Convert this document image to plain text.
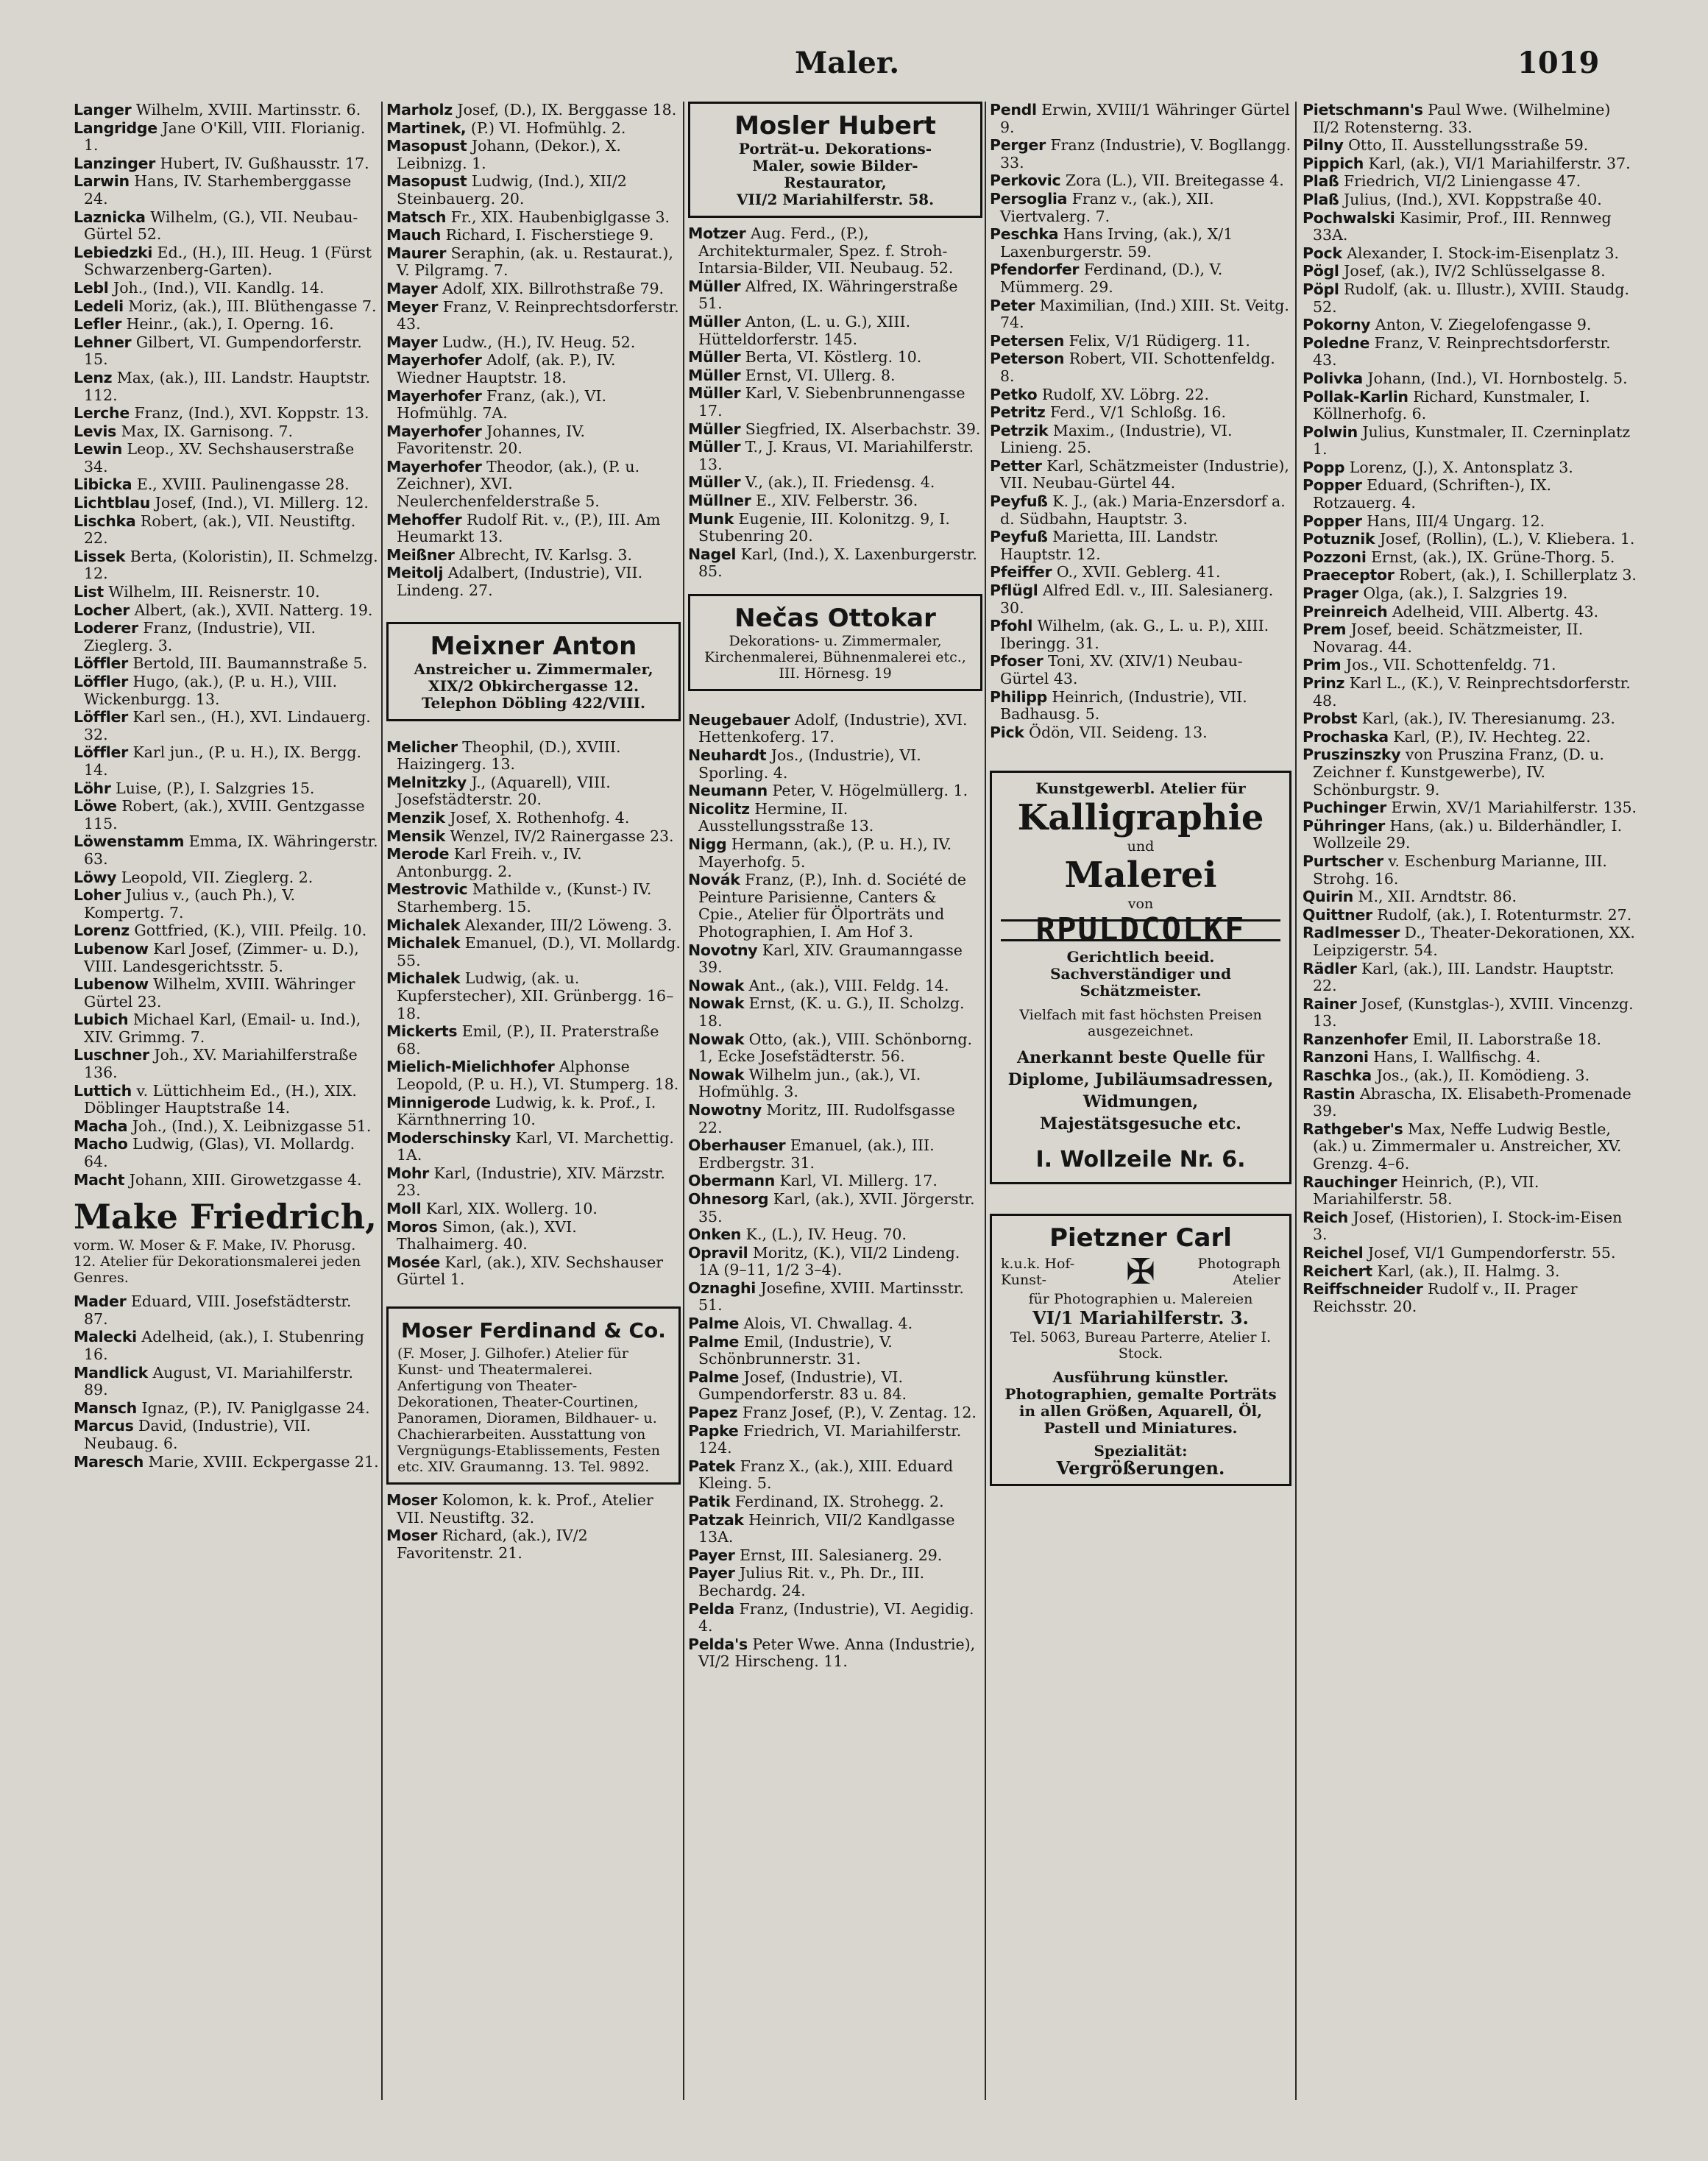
Maler.	1019
Langer Wilhelm, XVIII. Martinsstr. 6.
Langridge Jane O'Kill, VIII. Florianig. 1.
Lanzinger Hubert, IV. Gußhausstr. 17.
Larwin Hans, IV. Starhemberggasse 24.
Laznicka Wilhelm, (G.), VII. Neubau-Gürtel 52.
Lebiedzki Ed., (H.), III. Heug. 1 (Fürst Schwarzenberg-Garten).
Lebl Joh., (Ind.), VII. Kandlg. 14.
Ledeli Moriz, (ak.), III. Blüthengasse 7.
Lefler Heinr., (ak.), I. Operng. 16.
Lehner Gilbert, VI. Gumpendorferstr. 15.
Lenz Max, (ak.), III. Landstr. Hauptstr. 112.
Lerche Franz, (Ind.), XVI. Koppstr. 13.
Levis Max, IX. Garnisong. 7.
Lewin Leop., XV. Sechshauserstraße 34.
Libicka E., XVIII. Paulinengasse 28.
Lichtblau Josef, (Ind.), VI. Millerg. 12.
Lischka Robert, (ak.), VII. Neustiftg. 22.
Lissek Berta, (Koloristin), II. Schmelzg. 12.
List Wilhelm, III. Reisnerstr. 10.
Locher Albert, (ak.), XVII. Natterg. 19.
Loderer Franz, (Industrie), VII. Zieglerg. 3.
Löffler Bertold, III. Baumannstraße 5.
Löffler Hugo, (ak.), (P. u. H.), VIII. Wickenburgg. 13.
Löffler Karl sen., (H.), XVI. Lindauerg. 32.
Löffler Karl jun., (P. u. H.), IX. Bergg. 14.
Löhr Luise, (P.), I. Salzgries 15.
Löwe Robert, (ak.), XVIII. Gentzgasse 115.
Löwenstamm Emma, IX. Währingerstr. 63.
Löwy Leopold, VII. Zieglerg. 2.
Loher Julius v., (auch Ph.), V. Kompertg. 7.
Lorenz Gottfried, (K.), VIII. Pfeilg. 10.
Lubenow Karl Josef, (Zimmer- u. D.), VIII. Landesgerichtsstr. 5.
Lubenow Wilhelm, XVIII. Währinger Gürtel 23.
Lubich Michael Karl, (Email- u. Ind.), XIV. Grimmg. 7.
Luschner Joh., XV. Mariahilferstraße 136.
Luttich v. Lüttichheim Ed., (H.), XIX. Döblinger Hauptstraße 14.
Macha Joh., (Ind.), X. Leibnizgasse 51.
Macho Ludwig, (Glas), VI. Mollardg. 64.
Macht Johann, XIII. Girowetzgasse 4.
Make Friedrich,
vorm. W. Moser & F. Make, IV. Phorusg. 12. Atelier für Dekorationsmalerei jeden Genres.
Mader Eduard, VIII. Josefstädterstr. 87.
Malecki Adelheid, (ak.), I. Stubenring 16.
Mandlick August, VI. Mariahilferstr. 89.
Mansch Ignaz, (P.), IV. Paniglgasse 24.
Marcus David, (Industrie), VII. Neubaug. 6.
Maresch Marie, XVIII. Eckpergasse 21.
Marholz Josef, (D.), IX. Berggasse 18.
Martinek, (P.) VI. Hofmühlg. 2.
Masopust Johann, (Dekor.), X. Leibnizg. 1.
Masopust Ludwig, (Ind.), XII/2 Steinbauerg. 20.
Matsch Fr., XIX. Haubenbiglgasse 3.
Mauch Richard, I. Fischerstiege 9.
Maurer Seraphin, (ak. u. Restaurat.), V. Pilgramg. 7.
Mayer Adolf, XIX. Billrothstraße 79.
Meyer Franz, V. Reinprechtsdorferstr. 43.
Mayer Ludw., (H.), IV. Heug. 52.
Mayerhofer Adolf, (ak. P.), IV. Wiedner Hauptstr. 18.
Mayerhofer Franz, (ak.), VI. Hofmühlg. 7A.
Mayerhofer Johannes, IV. Favoritenstr. 20.
Mayerhofer Theodor, (ak.), (P. u. Zeichner), XVI. Neulerchenfelderstraße 5.
Mehoffer Rudolf Rit. v., (P.), III. Am Heumarkt 13.
Meißner Albrecht, IV. Karlsg. 3.
Meitolj Adalbert, (Industrie), VII. Lindeng. 27.
Meixner Anton
Anstreicher u. Zimmermaler, XIX/2 Obkirchergasse 12. Telephon Döbling 422/VIII.
Melicher Theophil, (D.), XVIII. Haizingerg. 13.
Melnitzky J., (Aquarell), VIII. Josefstädterstr. 20.
Menzik Josef, X. Rothenhofg. 4.
Mensik Wenzel, IV/2 Rainergasse 23.
Merode Karl Freih. v., IV. Antonburgg. 2.
Mestrovic Mathilde v., (Kunst-) IV. Starhemberg. 15.
Michalek Alexander, III/2 Löweng. 3.
Michalek Emanuel, (D.), VI. Mollardg. 55.
Michalek Ludwig, (ak. u. Kupferstecher), XII. Grünbergg. 16–18.
Mickerts Emil, (P.), II. Praterstraße 68.
Mielich-Mielichhofer Alphonse Leopold, (P. u. H.), VI. Stumperg. 18.
Minnigerode Ludwig, k. k. Prof., I. Kärnthnerring 10.
Moderschinsky Karl, VI. Marchettig. 1A.
Mohr Karl, (Industrie), XIV. Märzstr. 23.
Moll Karl, XIX. Wollerg. 10.
Moros Simon, (ak.), XVI. Thalhaimerg. 40.
Mosée Karl, (ak.), XIV. Sechshauser Gürtel 1.
Moser Ferdinand & Co.
(F. Moser, J. Gilhofer.) Atelier für Kunst- und Theatermalerei. Anfertigung von Theater-Dekorationen, Theater-Courtinen, Panoramen, Dioramen, Bildhauer- u. Chachierarbeiten. Ausstattung von Vergnügungs-Etablissements, Festen etc. XIV. Graumanng. 13. Tel. 9892.
Moser Kolomon, k. k. Prof., Atelier VII. Neustiftg. 32.
Moser Richard, (ak.), IV/2 Favoritenstr. 21.
Mosler Hubert
Porträt-u. Dekorations-
Maler, sowie Bilder-
Restaurator,
VII/2 Mariahilferstr. 58.
Motzer Aug. Ferd., (P.), Architekturmaler, Spez. f. Stroh-Intarsia-Bilder, VII. Neubaug. 52.
Müller Alfred, IX. Währingerstraße 51.
Müller Anton, (L. u. G.), XIII. Hütteldorferstr. 145.
Müller Berta, VI. Köstlerg. 10.
Müller Ernst, VI. Ullerg. 8.
Müller Karl, V. Siebenbrunnengasse 17.
Müller Siegfried, IX. Alserbachstr. 39.
Müller T., J. Kraus, VI. Mariahilferstr. 13.
Müller V., (ak.), II. Friedensg. 4.
Müllner E., XIV. Felberstr. 36.
Munk Eugenie, III. Kolonitzg. 9, I. Stubenring 20.
Nagel Karl, (Ind.), X. Laxenburgerstr. 85.
Nečas Ottokar
Dekorations- u. Zimmermaler, Kirchenmalerei, Bühnenmalerei etc., III. Hörnesg. 19
Neugebauer Adolf, (Industrie), XVI. Hettenkoferg. 17.
Neuhardt Jos., (Industrie), VI. Sporling. 4.
Neumann Peter, V. Högelmüllerg. 1.
Nicolitz Hermine, II. Ausstellungsstraße 13.
Nigg Hermann, (ak.), (P. u. H.), IV. Mayerhofg. 5.
Novák Franz, (P.), Inh. d. Société de Peinture Parisienne, Canters & Cpie., Atelier für Ölporträts und Photographien, I. Am Hof 3.
Novotny Karl, XIV. Graumanngasse 39.
Nowak Ant., (ak.), VIII. Feldg. 14.
Nowak Ernst, (K. u. G.), II. Scholzg. 18.
Nowak Otto, (ak.), VIII. Schönborng. 1, Ecke Josefstädterstr. 56.
Nowak Wilhelm jun., (ak.), VI. Hofmühlg. 3.
Nowotny Moritz, III. Rudolfsgasse 22.
Oberhauser Emanuel, (ak.), III. Erdbergstr. 31.
Obermann Karl, VI. Millerg. 17.
Ohnesorg Karl, (ak.), XVII. Jörgerstr. 35.
Onken K., (L.), IV. Heug. 70.
Opravil Moritz, (K.), VII/2 Lindeng. 1A (9–11, 1/2 3–4).
Oznaghi Josefine, XVIII. Martinsstr. 51.
Palme Alois, VI. Chwallag. 4.
Palme Emil, (Industrie), V. Schönbrunnerstr. 31.
Palme Josef, (Industrie), VI. Gumpendorferstr. 83 u. 84.
Papez Franz Josef, (P.), V. Zentag. 12.
Papke Friedrich, VI. Mariahilferstr. 124.
Patek Franz X., (ak.), XIII. Eduard Kleing. 5.
Patik Ferdinand, IX. Strohegg. 2.
Patzak Heinrich, VII/2 Kandlgasse 13A.
Payer Ernst, III. Salesianerg. 29.
Payer Julius Rit. v., Ph. Dr., III. Bechardg. 24.
Pelda Franz, (Industrie), VI. Aegidig. 4.
Pelda's Peter Wwe. Anna (Industrie), VI/2 Hirscheng. 11.
Pendl Erwin, XVIII/1 Währinger Gürtel 9.
Perger Franz (Industrie), V. Bogllangg. 33.
Perkovic Zora (L.), VII. Breitegasse 4.
Persoglia Franz v., (ak.), XII. Viertvalerg. 7.
Peschka Hans Irving, (ak.), X/1 Laxenburgerstr. 59.
Pfendorfer Ferdinand, (D.), V. Mümmerg. 29.
Peter Maximilian, (Ind.) XIII. St. Veitg. 74.
Petersen Felix, V/1 Rüdigerg. 11.
Peterson Robert, VII. Schottenfeldg. 8.
Petko Rudolf, XV. Löbrg. 22.
Petritz Ferd., V/1 Schloßg. 16.
Petrzik Maxim., (Industrie), VI. Linieng. 25.
Petter Karl, Schätzmeister (Industrie), VII. Neubau-Gürtel 44.
Peyfuß K. J., (ak.) Maria-Enzersdorf a. d. Südbahn, Hauptstr. 3.
Peyfuß Marietta, III. Landstr. Hauptstr. 12.
Pfeiffer O., XVII. Geblerg. 41.
Pflügl Alfred Edl. v., III. Salesianerg. 30.
Pfohl Wilhelm, (ak. G., L. u. P.), XIII. Iberingg. 31.
Pfoser Toni, XV. (XIV/1) Neubau-Gürtel 43.
Philipp Heinrich, (Industrie), VII. Badhausg. 5.
Pick Ödön, VII. Seideng. 13.
Kunstgewerbl. Atelier für
Kalligraphie
und
Malerei
von
RPULDCOLKF
Gerichtlich beeid. Sachverständiger und Schätzmeister.
Vielfach mit fast höchsten Preisen ausgezeichnet.
Anerkannt beste Quelle für Diplome, Jubiläumsadressen, Widmungen, Majestätsgesuche etc.
I. Wollzeile Nr. 6.
Pietzner Carl
k.u.k. Hof- Kunst-	✠	Photograph Atelier
für Photographien u. Malereien
VI/1 Mariahilferstr. 3.
Tel. 5063, Bureau Parterre, Atelier I. Stock.
Ausführung künstler. Photographien, gemalte Porträts in allen Größen, Aquarell, Öl, Pastell und Miniatures.
Spezialität:
Vergrößerungen.
Pietschmann's Paul Wwe. (Wilhelmine) II/2 Rotensterng. 33.
Pilny Otto, II. Ausstellungsstraße 59.
Pippich Karl, (ak.), VI/1 Mariahilferstr. 37.
Plaß Friedrich, VI/2 Liniengasse 47.
Plaß Julius, (Ind.), XVI. Koppstraße 40.
Pochwalski Kasimir, Prof., III. Rennweg 33A.
Pock Alexander, I. Stock-im-Eisenplatz 3.
Pögl Josef, (ak.), IV/2 Schlüsselgasse 8.
Pöpl Rudolf, (ak. u. Illustr.), XVIII. Staudg. 52.
Pokorny Anton, V. Ziegelofengasse 9.
Poledne Franz, V. Reinprechtsdorferstr. 43.
Polivka Johann, (Ind.), VI. Hornbostelg. 5.
Pollak-Karlin Richard, Kunstmaler, I. Köllnerhofg. 6.
Polwin Julius, Kunstmaler, II. Czerninplatz 1.
Popp Lorenz, (J.), X. Antonsplatz 3.
Popper Eduard, (Schriften-), IX. Rotzauerg. 4.
Popper Hans, III/4 Ungarg. 12.
Potuznik Josef, (Rollin), (L.), V. Kliebera. 1.
Pozzoni Ernst, (ak.), IX. Grüne-Thorg. 5.
Praeceptor Robert, (ak.), I. Schillerplatz 3.
Prager Olga, (ak.), I. Salzgries 19.
Preinreich Adelheid, VIII. Albertg. 43.
Prem Josef, beeid. Schätzmeister, II. Novarag. 44.
Prim Jos., VII. Schottenfeldg. 71.
Prinz Karl L., (K.), V. Reinprechtsdorferstr. 48.
Probst Karl, (ak.), IV. Theresianumg. 23.
Prochaska Karl, (P.), IV. Hechteg. 22.
Pruszinszky von Pruszina Franz, (D. u. Zeichner f. Kunstgewerbe), IV. Schönburgstr. 9.
Puchinger Erwin, XV/1 Mariahilferstr. 135.
Pühringer Hans, (ak.) u. Bilderhändler, I. Wollzeile 29.
Purtscher v. Eschenburg Marianne, III. Strohg. 16.
Quirin M., XII. Arndtstr. 86.
Quittner Rudolf, (ak.), I. Rotenturmstr. 27.
Radlmesser D., Theater-Dekorationen, XX. Leipzigerstr. 54.
Rädler Karl, (ak.), III. Landstr. Hauptstr. 22.
Rainer Josef, (Kunstglas-), XVIII. Vincenzg. 13.
Ranzenhofer Emil, II. Laborstraße 18.
Ranzoni Hans, I. Wallfischg. 4.
Raschka Jos., (ak.), II. Komödieng. 3.
Rastin Abrascha, IX. Elisabeth-Promenade 39.
Rathgeber's Max, Neffe Ludwig Bestle, (ak.) u. Zimmermaler u. Anstreicher, XV. Grenzg. 4–6.
Rauchinger Heinrich, (P.), VII. Mariahilferstr. 58.
Reich Josef, (Historien), I. Stock-im-Eisen 3.
Reichel Josef, VI/1 Gumpendorferstr. 55.
Reichert Karl, (ak.), II. Halmg. 3.
Reiffschneider Rudolf v., II. Prager Reichsstr. 20.
